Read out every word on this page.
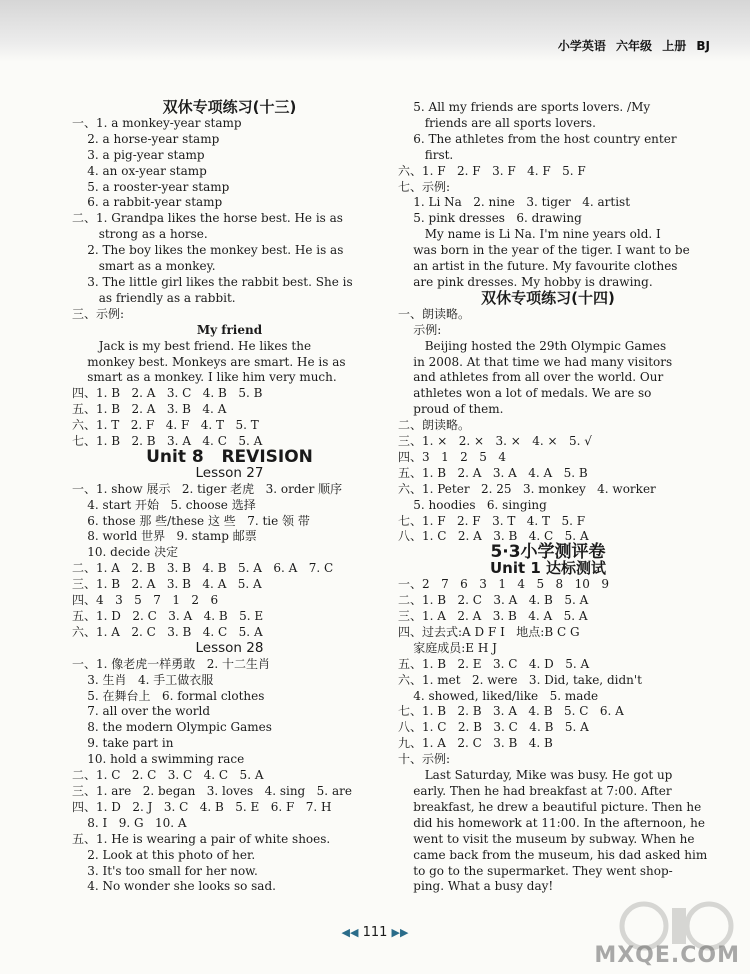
小学英语 六年级 上册 BJ
双休专项练习(十三)
一、1. a monkey-year stamp
2. a horse-year stamp
3. a pig-year stamp
4. an ox-year stamp
5. a rooster-year stamp
6. a rabbit-year stamp
二、1. Grandpa likes the horse best. He is as
strong as a horse.
2. The boy likes the monkey best. He is as
smart as a monkey.
3. The little girl likes the rabbit best. She is
as friendly as a rabbit.
三、示例:
My friend
Jack is my best friend. He likes the
monkey best. Monkeys are smart. He is as
smart as a monkey. I like him very much.
四、1. B   2. A   3. C   4. B   5. B
五、1. B   2. A   3. B   4. A
六、1. T   2. F   4. F   4. T   5. T
七、1. B   2. B   3. A   4. C   5. A
Unit 8   REVISION
Lesson 27
一、1. show 展示   2. tiger 老虎   3. order 顺序
4. start 开始   5. choose 选择
6. those 那 些/these 这 些   7. tie 领 带
8. world 世界   9. stamp 邮票
10. decide 决定
二、1. A   2. B   3. B   4. B   5. A   6. A   7. C
三、1. B   2. A   3. B   4. A   5. A
四、4   3   5   7   1   2   6
五、1. D   2. C   3. A   4. B   5. E
六、1. A   2. C   3. B   4. C   5. A
Lesson 28
一、1. 像老虎一样勇敢   2. 十二生肖
3. 生肖   4. 手工做衣服
5. 在舞台上   6. formal clothes
7. all over the world
8. the modern Olympic Games
9. take part in
10. hold a swimming race
二、1. C   2. C   3. C   4. C   5. A
三、1. are   2. began   3. loves   4. sing   5. are
四、1. D   2. J   3. C   4. B   5. E   6. F   7. H
8. I   9. G   10. A
五、1. He is wearing a pair of white shoes.
2. Look at this photo of her.
3. It's too small for her now.
4. No wonder she looks so sad.
5. All my friends are sports lovers. /My
friends are all sports lovers.
6. The athletes from the host country enter
first.
六、1. F   2. F   3. F   4. F   5. F
七、示例:
1. Li Na   2. nine   3. tiger   4. artist
5. pink dresses   6. drawing
My name is Li Na. I'm nine years old. I
was born in the year of the tiger. I want to be
an artist in the future. My favourite clothes
are pink dresses. My hobby is drawing.
双休专项练习(十四)
一、朗读略。
示例:
Beijing hosted the 29th Olympic Games
in 2008. At that time we had many visitors
and athletes from all over the world. Our
athletes won a lot of medals. We are so
proud of them.
二、朗读略。
三、1. ×   2. ×   3. ×   4. ×   5. √
四、3   1   2   5   4
五、1. B   2. A   3. A   4. A   5. B
六、1. Peter   2. 25   3. monkey   4. worker
5. hoodies   6. singing
七、1. F   2. F   3. T   4. T   5. F
八、1. C   2. A   3. B   4. C   5. A
5·3小学测评卷
Unit 1 达标测试
一、2   7   6   3   1   4   5   8   10   9
二、1. B   2. C   3. A   4. B   5. A
三、1. A   2. A   3. B   4. A   5. A
四、过去式:A D F I   地点:B C G
家庭成员:E H J
五、1. B   2. E   3. C   4. D   5. A
六、1. met   2. were   3. Did, take, didn't
4. showed, liked/like   5. made
七、1. B   2. B   3. A   4. B   5. C   6. A
八、1. C   2. B   3. C   4. B   5. A
九、1. A   2. C   3. B   4. B
十、示例:
Last Saturday, Mike was busy. He got up
early. Then he had breakfast at 7:00. After
breakfast, he drew a beautiful picture. Then he
did his homework at 11:00. In the afternoon, he
went to visit the museum by subway. When he
came back from the museum, his dad asked him
to go to the supermarket. They went shop-
ping. What a busy day!
◀◀ 111 ▶▶
MXQE.COM
